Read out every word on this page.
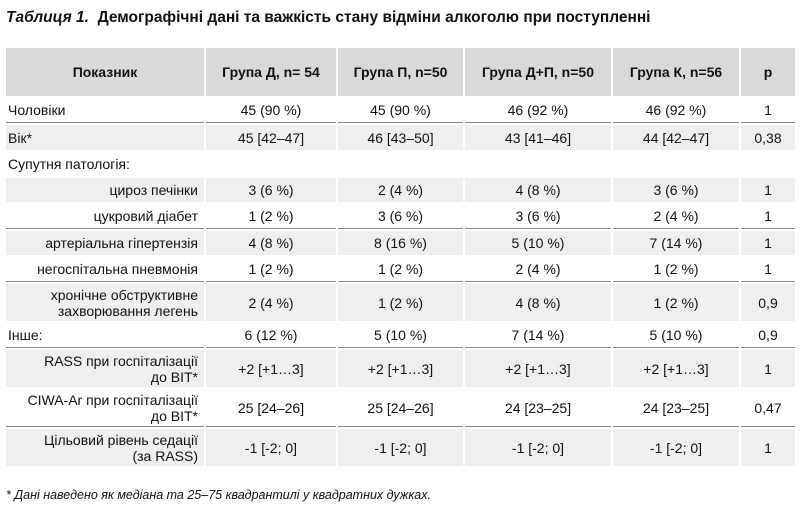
Таблиця 1. Демографічні дані та важкість стану відміни алкоголю при поступленні
Показник	Група Д, n= 54	Група П, n=50	Група Д+П, n=50	Група К, n=56	p
Чоловіки	45 (90 %)	45 (90 %)	46 (92 %)	46 (92 %)	1
Вік*	45 [42–47]	46 [43–50]	43 [41–46]	44 [42–47]	0,38
Супутня патологія:					
цироз печінки	3 (6 %)	2 (4 %)	4 (8 %)	3 (6 %)	1
цукровий діабет	1 (2 %)	3 (6 %)	3 (6 %)	2 (4 %)	1
артеріальна гіпертензія	4 (8 %)	8 (16 %)	5 (10 %)	7 (14 %)	1
негоспітальна пневмонія	1 (2 %)	1 (2 %)	2 (4 %)	1 (2 %)	1
хронічне обструктивне
захворювання легень	2 (4 %)	1 (2 %)	4 (8 %)	1 (2 %)	0,9
Інше:	6 (12 %)	5 (10 %)	7 (14 %)	5 (10 %)	0,9
RASS при госпіталізації
до ВІТ*	+2 [+1…3]	+2 [+1…3]	+2 [+1…3]	+2 [+1…3]	1
CIWA-Ar при госпіталізації
до ВІТ*	25 [24–26]	25 [24–26]	24 [23–25]	24 [23–25]	0,47
Цільовий рівень седації
(за RASS)	-1 [-2; 0]	-1 [-2; 0]	-1 [-2; 0]	-1 [-2; 0]	1
* Дані наведено як медіана та 25–75 квадрантилі у квадратних дужках.
